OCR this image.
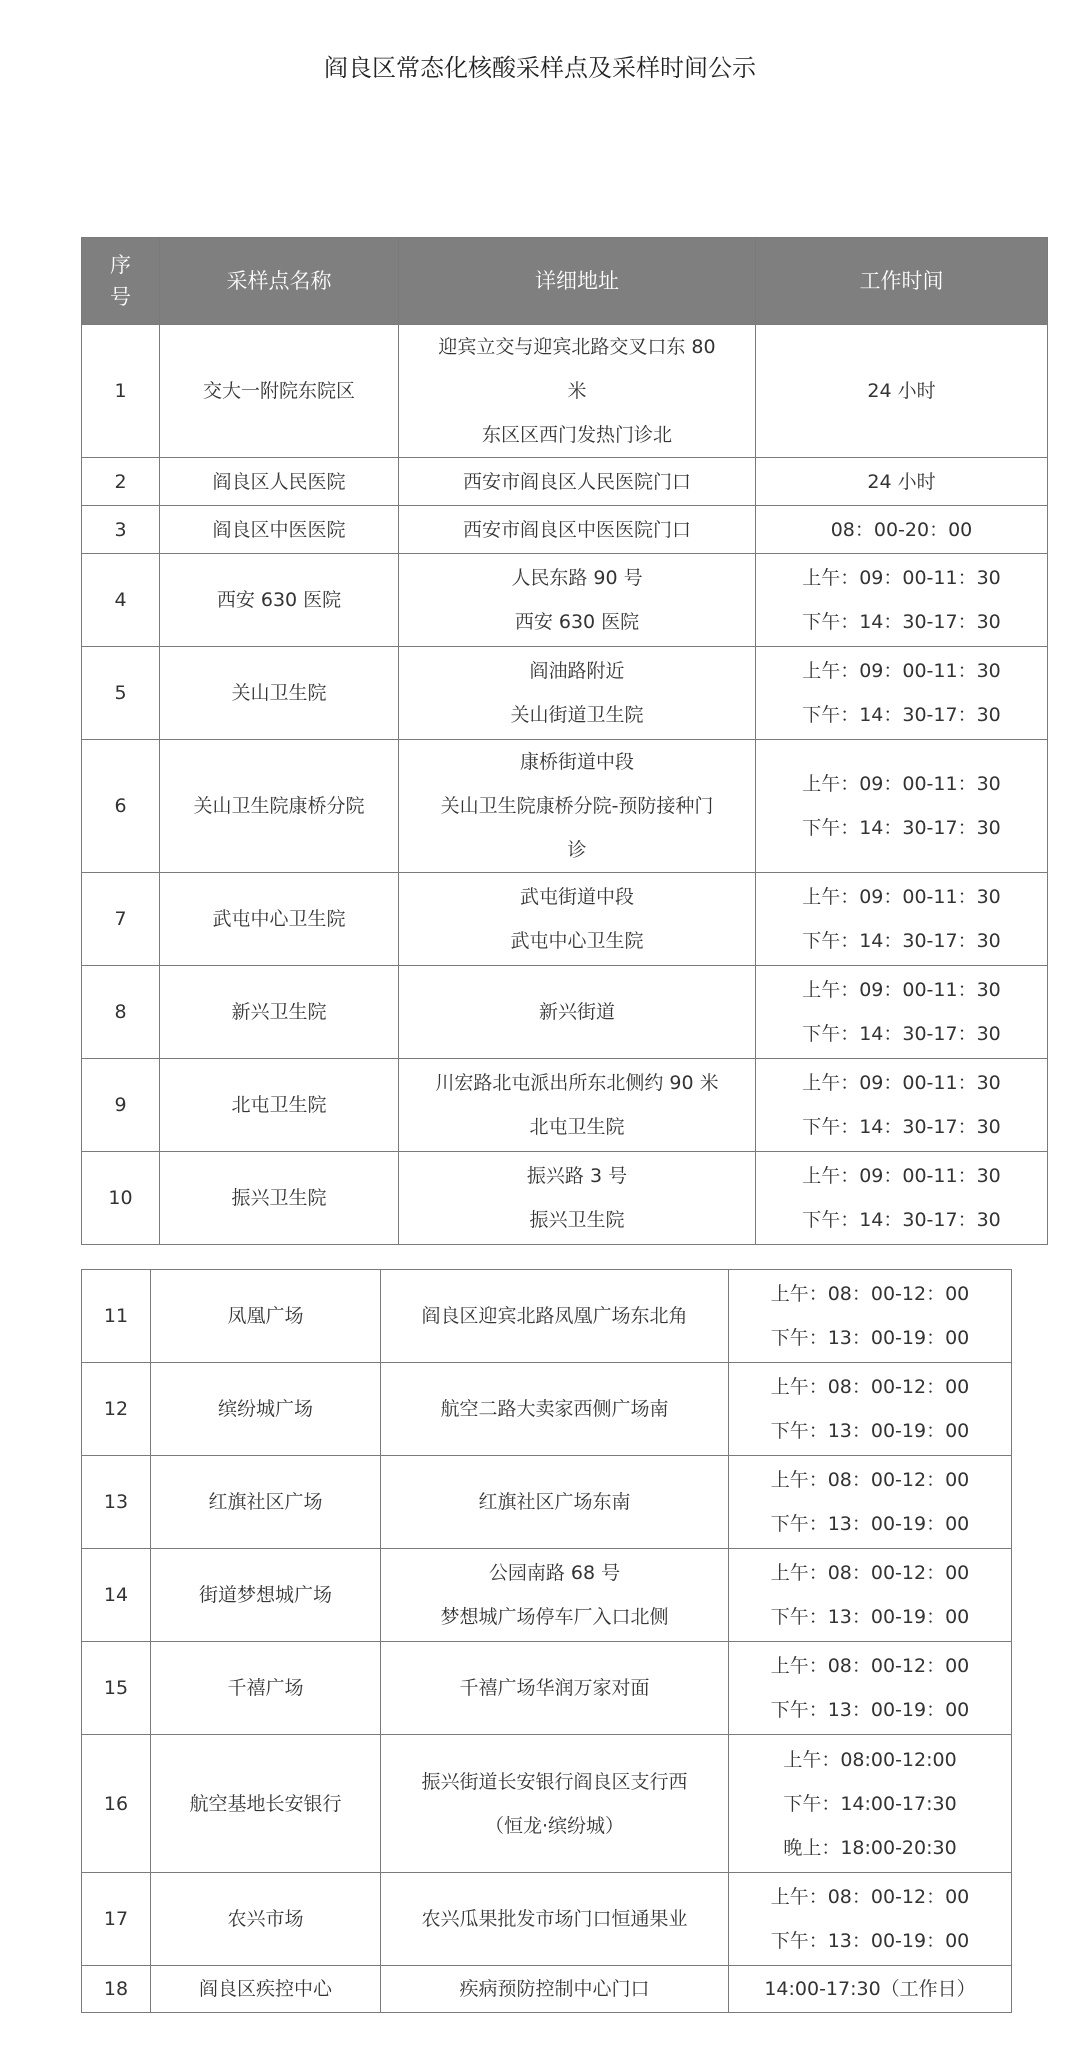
阎良区常态化核酸采样点及采样时间公示
序
号	采样点名称	详细地址	工作时间
1	交大一附院东院区	迎宾立交与迎宾北路交叉口东 80
米
东区区西门发热门诊北	24 小时

2	阎良区人民医院	西安市阎良区人民医院门口	24 小时

3	阎良区中医医院	西安市阎良区中医医院门口	08：00-20：00

4	西安 630 医院	人民东路 90 号
西安 630 医院	上午：09：00-11：30
下午：14：30-17：30

5	关山卫生院	阎油路附近
关山街道卫生院	上午：09：00-11：30
下午：14：30-17：30

6	关山卫生院康桥分院	康桥街道中段
关山卫生院康桥分院-预防接种门
诊	上午：09：00-11：30
下午：14：30-17：30

7	武屯中心卫生院	武屯街道中段
武屯中心卫生院	上午：09：00-11：30
下午：14：30-17：30

8	新兴卫生院	新兴街道	上午：09：00-11：30
下午：14：30-17：30

9	北屯卫生院	川宏路北屯派出所东北侧约 90 米
北屯卫生院	上午：09：00-11：30
下午：14：30-17：30

10	振兴卫生院	振兴路 3 号
振兴卫生院	上午：09：00-11：30
下午：14：30-17：30
11	凤凰广场	阎良区迎宾北路凤凰广场东北角	上午：08：00-12：00
下午：13：00-19：00

12	缤纷城广场	航空二路大卖家西侧广场南	上午：08：00-12：00
下午：13：00-19：00

13	红旗社区广场	红旗社区广场东南	上午：08：00-12：00
下午：13：00-19：00

14	街道梦想城广场	公园南路 68 号
梦想城广场停车厂入口北侧	上午：08：00-12：00
下午：13：00-19：00

15	千禧广场	千禧广场华润万家对面	上午：08：00-12：00
下午：13：00-19：00

16	航空基地长安银行	振兴街道长安银行阎良区支行西
（恒龙·缤纷城）	上午：08:00-12:00
下午：14:00-17:30
晚上：18:00-20:30

17	农兴市场	农兴瓜果批发市场门口恒通果业	上午：08：00-12：00
下午：13：00-19：00

18	阎良区疾控中心	疾病预防控制中心门口	14:00-17:30（工作日）
